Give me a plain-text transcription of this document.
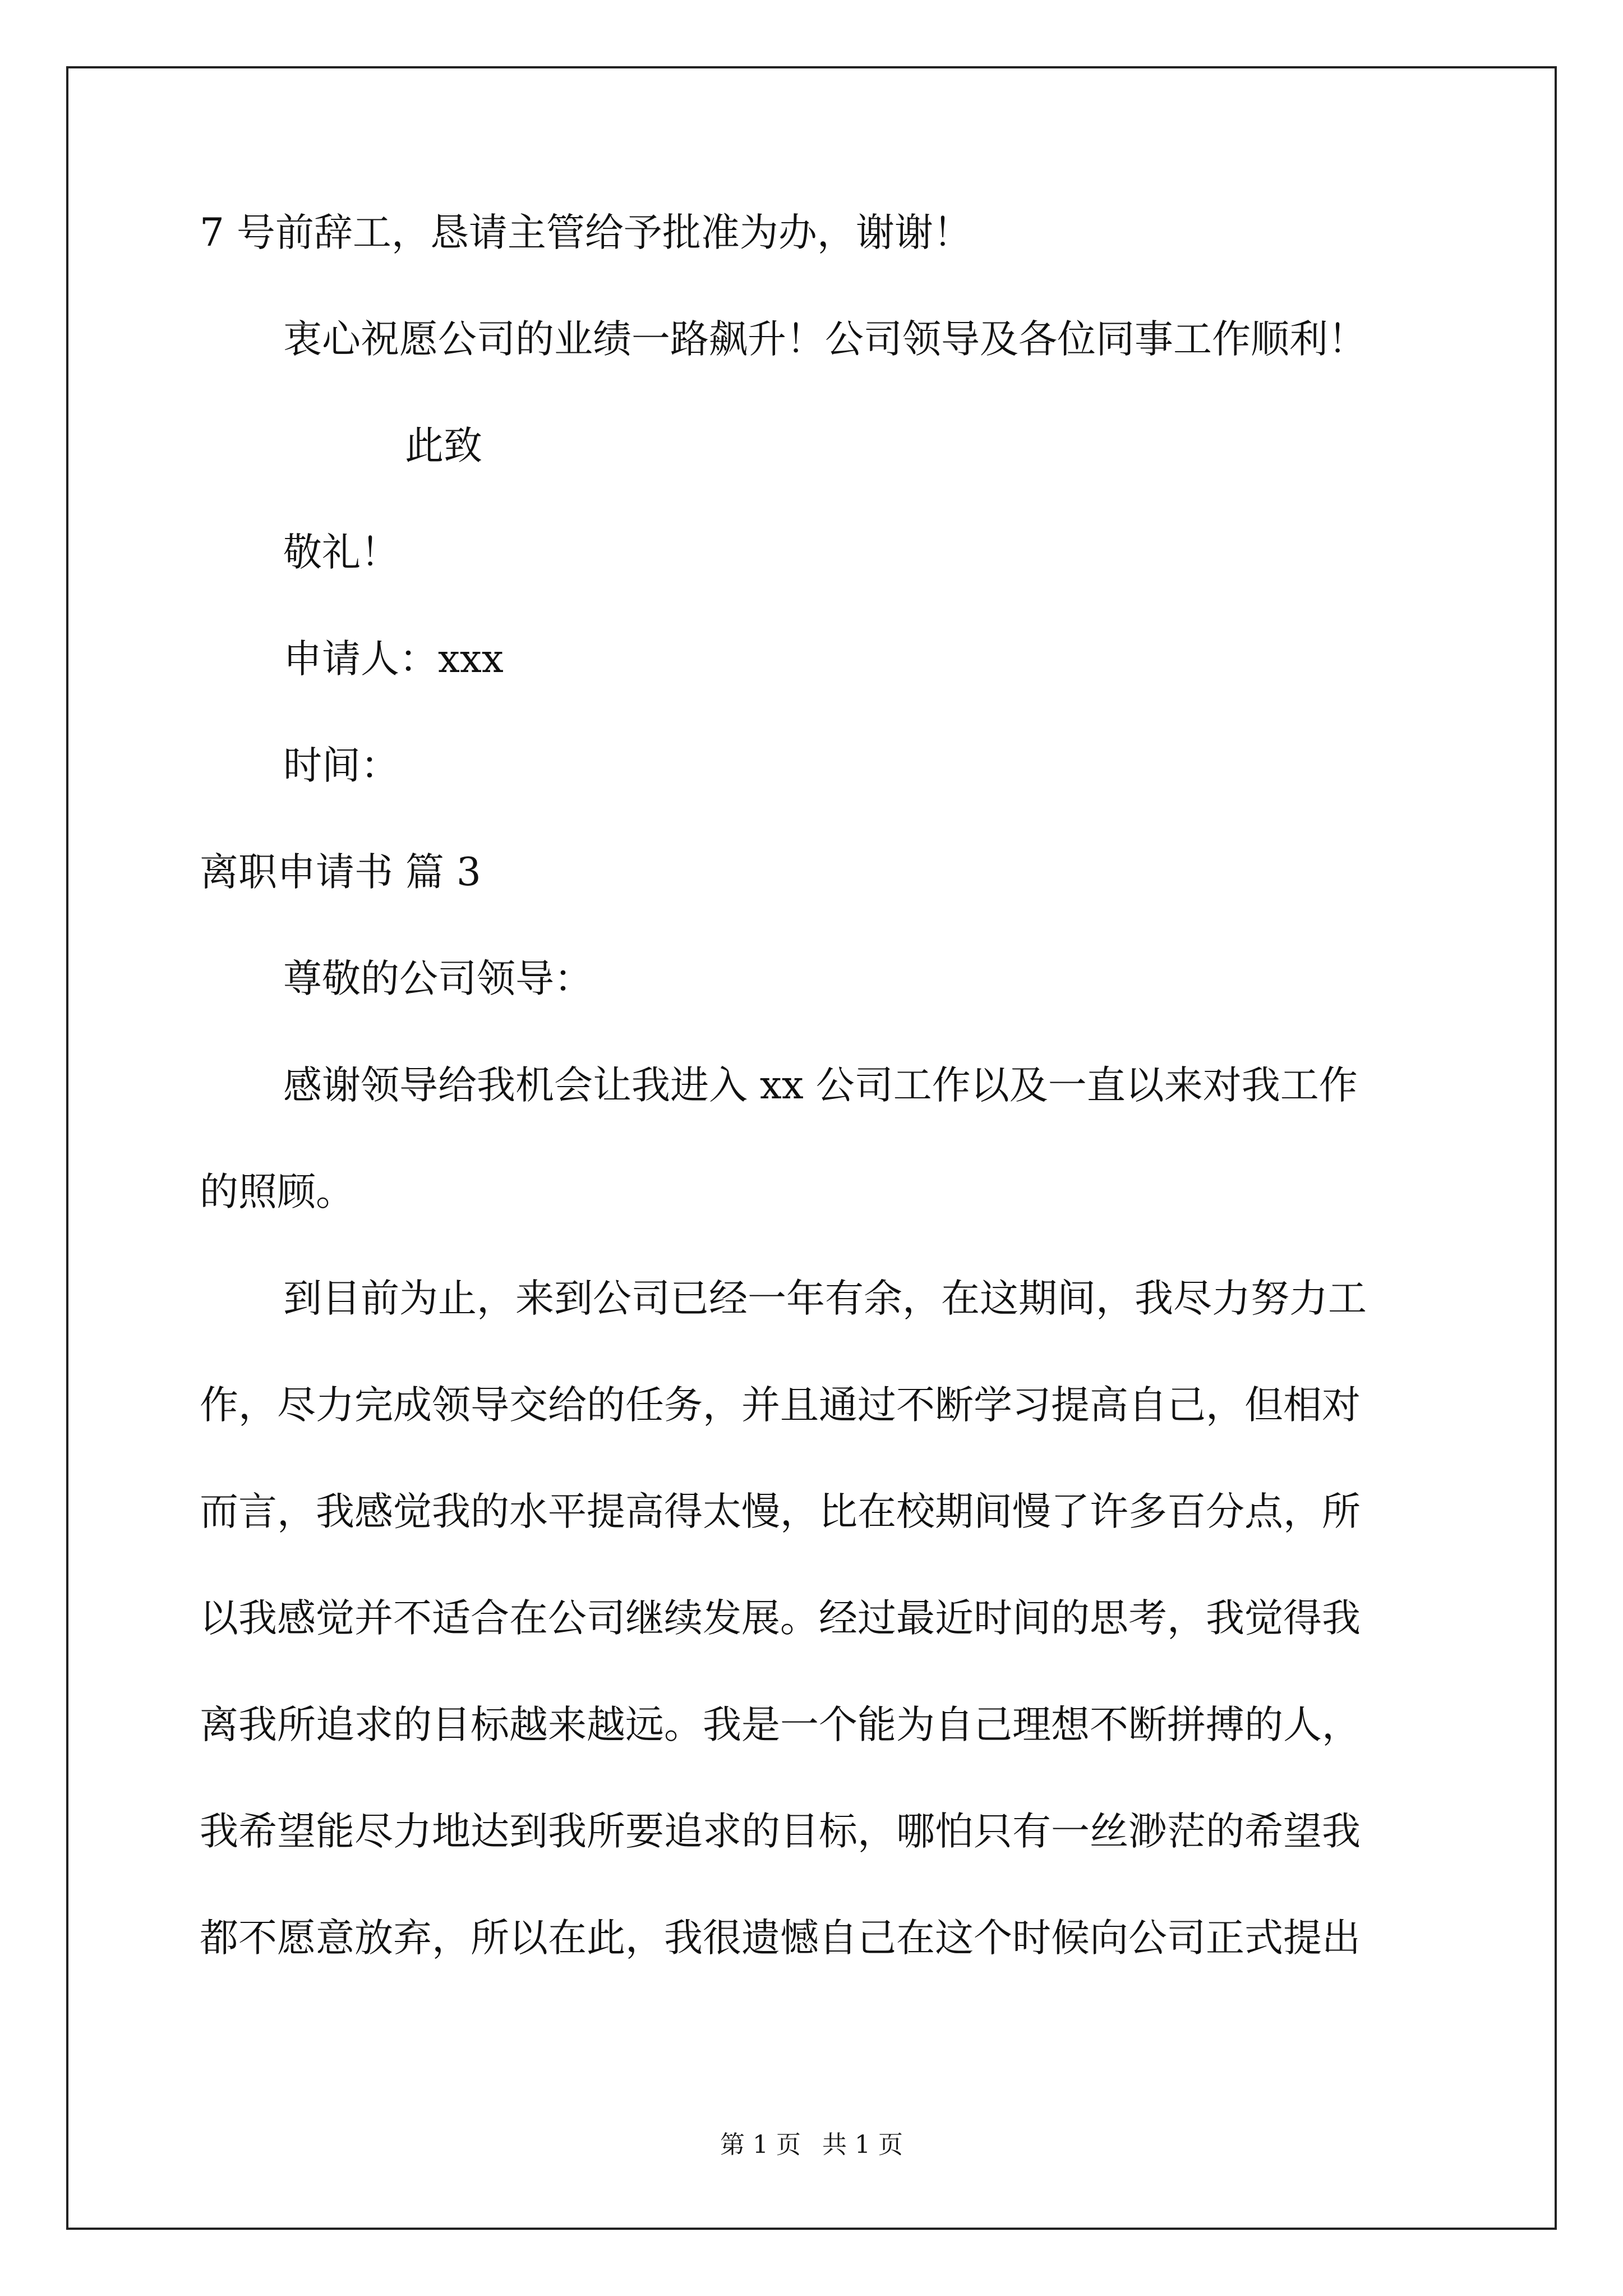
7 号前辞工，恳请主管给予批准为办，谢谢！

衷心祝愿公司的业绩一路飙升！公司领导及各位同事工作顺利！

此致

敬礼！

申请人：xxx

时间：

离职申请书 篇 3

尊敬的公司领导：

感谢领导给我机会让我进入 xx 公司工作以及一直以来对我工作

的照顾。

到目前为止，来到公司已经一年有余，在这期间，我尽力努力工

作，尽力完成领导交给的任务，并且通过不断学习提高自己，但相对

而言，我感觉我的水平提高得太慢，比在校期间慢了许多百分点，所

以我感觉并不适合在公司继续发展。经过最近时间的思考，我觉得我

离我所追求的目标越来越远。我是一个能为自己理想不断拼搏的人，

我希望能尽力地达到我所要追求的目标，哪怕只有一丝渺茫的希望我

都不愿意放弃，所以在此，我很遗憾自己在这个时候向公司正式提出

第 1 页 共 1 页
